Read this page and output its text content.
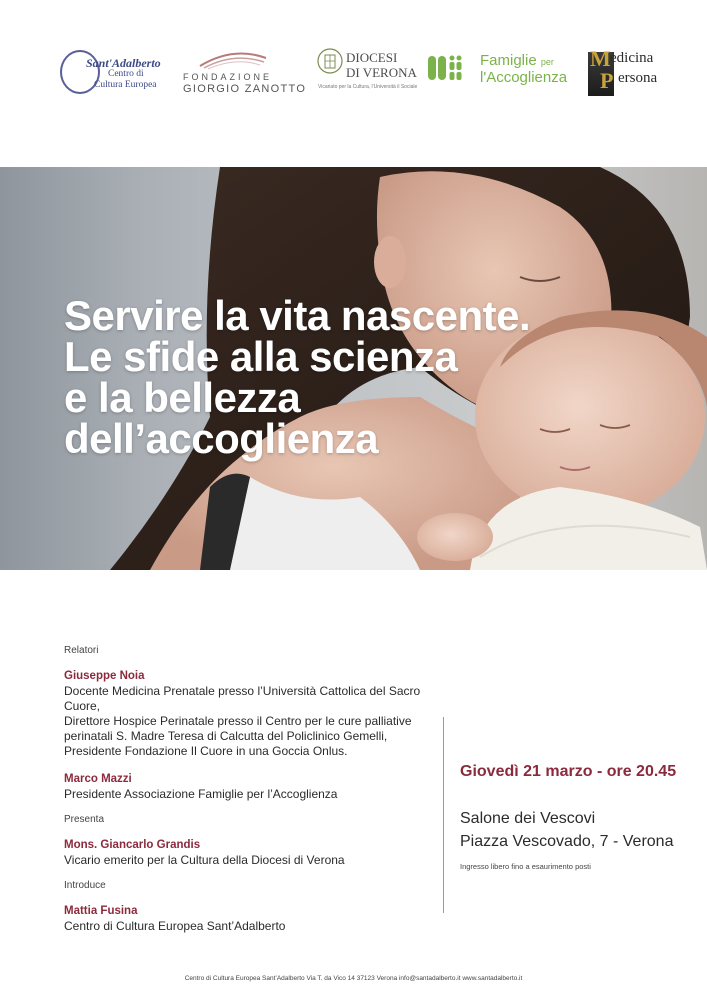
Sant'Adalberto
Centro di
Cultura Europea
FONDAZIONE
GIORGIO ZANOTTO
DIOCESI
DI VERONA
Vicariato per la Cultura, l'Università il Sociale
Famiglie per
l'Accoglienza
M
P
edicina
ersona
Servire la vita nascente.
Le sfide alla scienza
e la bellezza
dell’accoglienza
Relatori
Giuseppe Noia
Docente Medicina Prenatale presso l’Università Cattolica del Sacro Cuore,
Direttore Hospice Perinatale presso il Centro per le cure palliative
perinatali S. Madre Teresa di Calcutta del Policlinico Gemelli,
Presidente Fondazione Il Cuore in una Goccia Onlus.
Marco Mazzi
Presidente Associazione Famiglie per l’Accoglienza
Presenta
Mons. Giancarlo Grandis
Vicario emerito per la Cultura della Diocesi di Verona
Introduce
Mattia Fusina
Centro di Cultura Europea Sant’Adalberto
Giovedì 21 marzo - ore 20.45
Salone dei Vescovi
Piazza Vescovado, 7 - Verona
Ingresso libero fino a esaurimento posti
Centro di Cultura Europea Sant’Adalberto Via T. da Vico 14 37123 Verona info@santadalberto.it www.santadalberto.it
